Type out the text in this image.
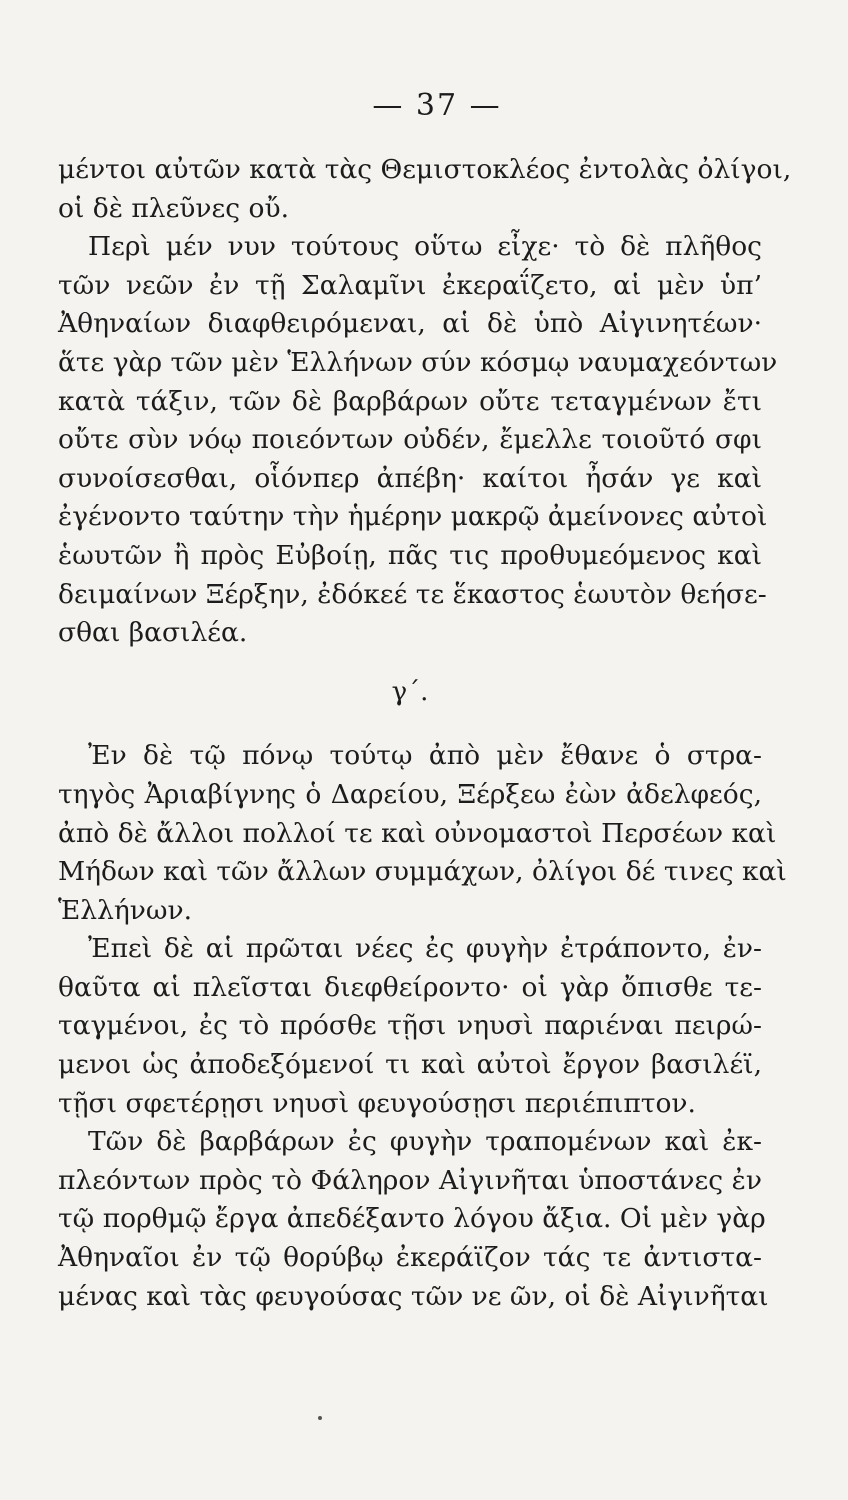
— 37 —
μέντοι αὐτῶν κατὰ τὰς Θεμιστοκλέος ἐντολὰς ὀλίγοι,
οἱ δὲ πλεῦνες οὔ.
Περὶ μέν νυν τούτους οὕτω εἶχε· τὸ δὲ πλῆθος
τῶν νεῶν ἐν τῇ Σαλαμῖνι ἐκεραΐζετο, αἱ μὲν ὑπ’
Ἀθηναίων διαφθειρόμεναι, αἱ δὲ ὑπὸ Αἰγινητέων·
ἅτε γὰρ τῶν μὲν Ἑλλήνων σύν κόσμῳ ναυμαχεόντων
κατὰ τάξιν, τῶν δὲ βαρβάρων οὔτε τεταγμένων ἔτι
οὔτε σὺν νόῳ ποιεόντων οὐδέν, ἔμελλε τοιοῦτό σφι
συνοίσεσθαι, οἷόνπερ ἀπέβη· καίτοι ἦσάν γε καὶ
ἐγένοντο ταύτην τὴν ἡμέρην μακρῷ ἀμείνονες αὐτοὶ
ἑωυτῶν ἢ πρὸς Εὐβοίῃ, πᾶς τις προθυμεόμενος καὶ
δειμαίνων Ξέρξην, ἐδόκεέ τε ἕκαστος ἑωυτὸν θεήσε-
σθαι βασιλέα.
γ΄.
Ἐν δὲ τῷ πόνῳ τούτῳ ἀπὸ μὲν ἔθανε ὁ στρα-
τηγὸς Ἀριαβίγνης ὁ Δαρείου, Ξέρξεω ἐὼν ἀδελφεός,
ἀπὸ δὲ ἄλλοι πολλοί τε καὶ οὐνομαστοὶ Περσέων καὶ
Μήδων καὶ τῶν ἄλλων συμμάχων, ὀλίγοι δέ τινες καὶ
Ἑλλήνων.
Ἐπεὶ δὲ αἱ πρῶται νέες ἐς φυγὴν ἐτράποντο, ἐν-
θαῦτα αἱ πλεῖσται διεφθείροντο· οἱ γὰρ ὄπισθε τε-
ταγμένοι, ἐς τὸ πρόσθε τῇσι νηυσὶ παριέναι πειρώ-
μενοι ὡς ἀποδεξόμενοί τι καὶ αὐτοὶ ἔργον βασιλέϊ,
τῇσι σφετέρῃσι νηυσὶ φευγούσῃσι περιέπιπτον.
Τῶν δὲ βαρβάρων ἐς φυγὴν τραπομένων καὶ ἐκ-
πλεόντων πρὸς τὸ Φάληρον Αἰγινῆται ὑποστάνες ἐν
τῷ πορθμῷ ἔργα ἀπεδέξαντο λόγου ἄξια. Οἱ μὲν γὰρ
Ἀθηναῖοι ἐν τῷ θορύβῳ ἐκεράϊζον τάς τε ἀντιστα-
μένας καὶ τὰς φευγούσας τῶν νε ῶν, οἱ δὲ Αἰγινῆται
